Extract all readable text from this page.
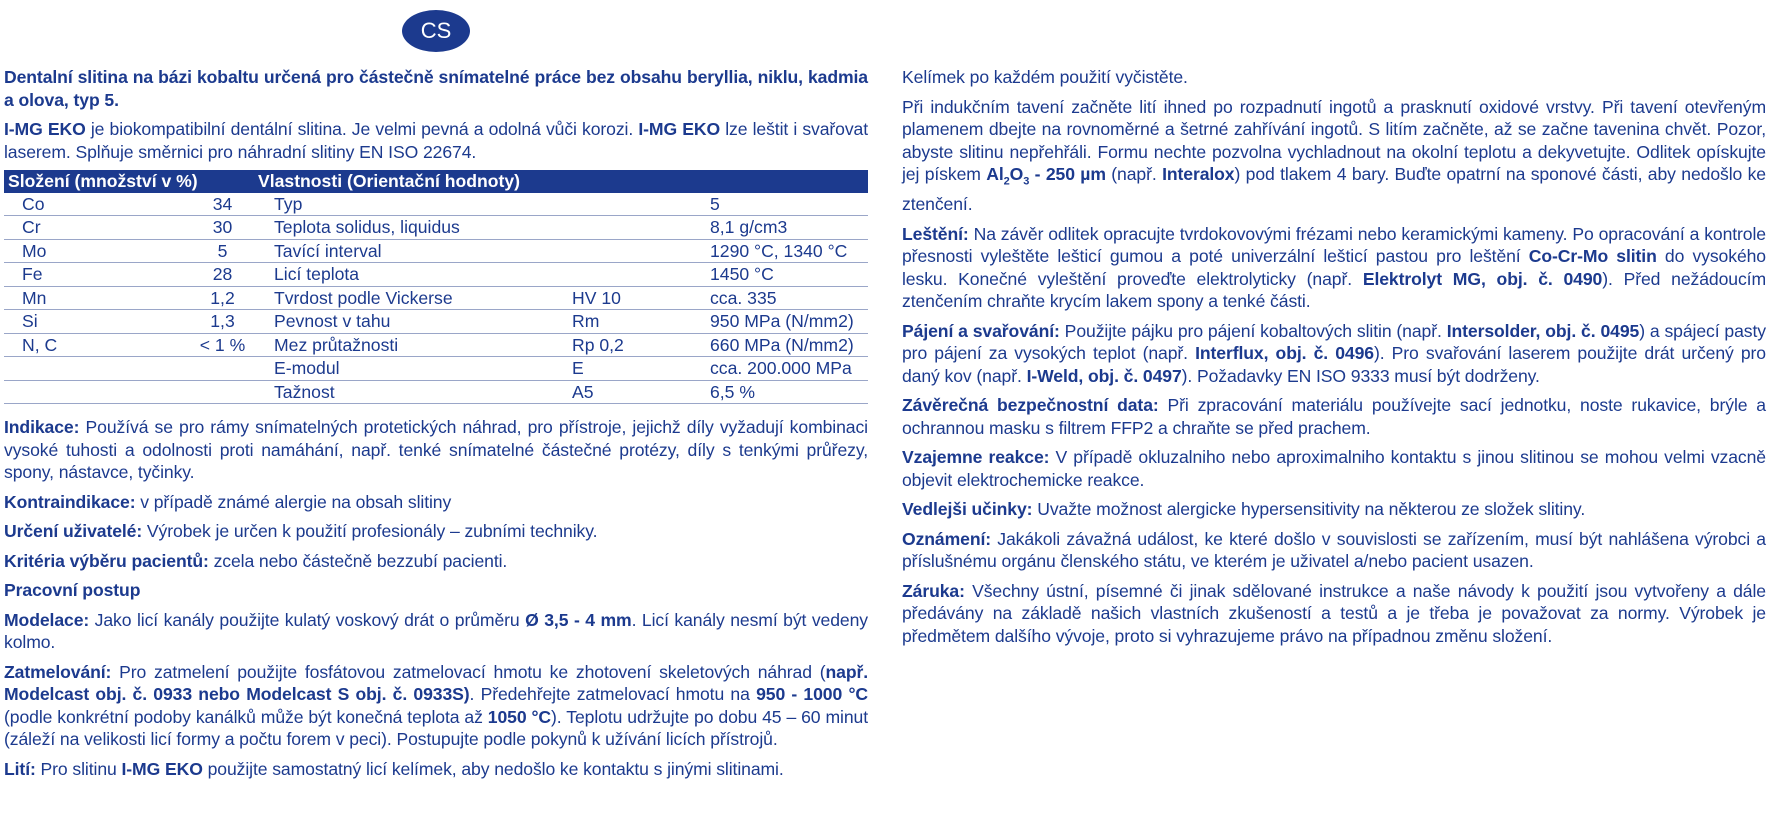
CS

Dentalní slitina na bázi kobaltu určená pro částečně snímatelné práce bez obsahu beryllia, niklu, kadmia a olova, typ 5.

I-MG EKO je biokompatibilní dentální slitina. Je velmi pevná a odolná vůči korozi. I-MG EKO lze leštit i svařovat laserem. Splňuje směrnici pro náhradní slitiny EN ISO 22674.

Složení (množství v %)		Vlastnosti (Orientační hodnoty)		
Co	34	Typ		5
Cr	30	Teplota solidus, liquidus		8,1 g/cm3
Mo	5	Tavící interval		1290 °C, 1340 °C
Fe	28	Licí teplota		1450 °C
Mn	1,2	Tvrdost podle Vickerse	HV 10	cca. 335
Si	1,3	Pevnost v tahu	Rm	950 MPa (N/mm2)
N, C	< 1 %	Mez průtažnosti	Rp 0,2	660 MPa (N/mm2)
		E-modul	E	cca. 200.000 MPa
		Tažnost	A5	6,5 %

Indikace: Používá se pro rámy snímatelných protetických náhrad, pro přístroje, jejichž díly vyžadují kombinaci vysoké tuhosti a odolnosti proti namáhání, např. tenké snímatelné částečné protézy, díly s tenkými průřezy, spony, nástavce, tyčinky.

Kontraindikace: v případě známé alergie na obsah slitiny

Určení uživatelé: Výrobek je určen k použití profesionály – zubními techniky.

Kritéria výběru pacientů: zcela nebo částečně bezzubí pacienti.

Pracovní postup

Modelace: Jako licí kanály použijte kulatý voskový drát o průměru Ø 3,5 - 4 mm. Licí kanály nesmí být vedeny kolmo.

Zatmelování: Pro zatmelení použijte fosfátovou zatmelovací hmotu ke zhotovení skeletových náhrad (např. Modelcast obj. č. 0933 nebo Modelcast S obj. č. 0933S). Předehřejte zatmelovací hmotu na 950 - 1000 °C (podle konkrétní podoby kanálků může být konečná teplota až 1050 °C). Teplotu udržujte po dobu 45 – 60 minut (záleží na velikosti licí formy a počtu forem v peci). Postupujte podle pokynů k užívání licích přístrojů.

Lití: Pro slitinu I-MG EKO použijte samostatný licí kelímek, aby nedošlo ke kontaktu s jinými slitinami.

Kelímek po každém použití vyčistěte.

Při indukčním tavení začněte lití ihned po rozpadnutí ingotů a prasknutí oxidové vrstvy. Při tavení otevřeným plamenem dbejte na rovnoměrné a šetrné zahřívání ingotů. S litím začněte, až se začne tavenina chvět. Pozor, abyste slitinu nepřehřáli. Formu nechte pozvolna vychladnout na okolní teplotu a dekyvetujte. Odlitek opískujte jej pískem $Al_2O_3 - 250$ µm (např. Interalox) pod tlakem 4 bary. Buďte opatrní na sponové části, aby nedošlo ke ztenčení.

Leštění: Na závěr odlitek opracujte tvrdokovovými frézami nebo keramickými kameny. Po opracování a kontrole přesnosti vyleštěte lešticí gumou a poté univerzální lešticí pastou pro leštění Co-Cr-Mo slitin do vysokého lesku. Konečné vyleštění proveďte elektrolyticky (např. Elektrolyt MG, obj. č. 0490). Před nežádoucím ztenčením chraňte krycím lakem spony a tenké části.

Pájení a svařování: Použijte pájku pro pájení kobaltových slitin (např. Intersolder, obj. č. 0495) a spájecí pasty pro pájení za vysokých teplot (např. Interflux, obj. č. 0496). Pro svařování laserem použijte drát určený pro daný kov (např. I-Weld, obj. č. 0497). Požadavky EN ISO 9333 musí být dodrženy.

Závěrečná bezpečnostní data: Při zpracování materiálu používejte sací jednotku, noste rukavice, brýle a ochrannou masku s filtrem FFP2 a chraňte se před prachem.

Vzajemne reakce: V případě okluzalniho nebo aproximalniho kontaktu s jinou slitinou se mohou velmi vzacně objevit elektrochemicke reakce.

Vedlejši učinky: Uvažte možnost alergicke hypersensitivity na některou ze složek slitiny.

Oznámení: Jakákoli závažná událost, ke které došlo v souvislosti se zařízením, musí být nahlášena výrobci a příslušnému orgánu členského státu, ve kterém je uživatel a/nebo pacient usazen.

Záruka: Všechny ústní, písemné či jinak sdělované instrukce a naše návody k použití jsou vytvořeny a dále předávány na základě našich vlastních zkušeností a testů a je třeba je považovat za normy. Výrobek je předmětem dalšího vývoje, proto si vyhrazujeme právo na případnou změnu složení.
